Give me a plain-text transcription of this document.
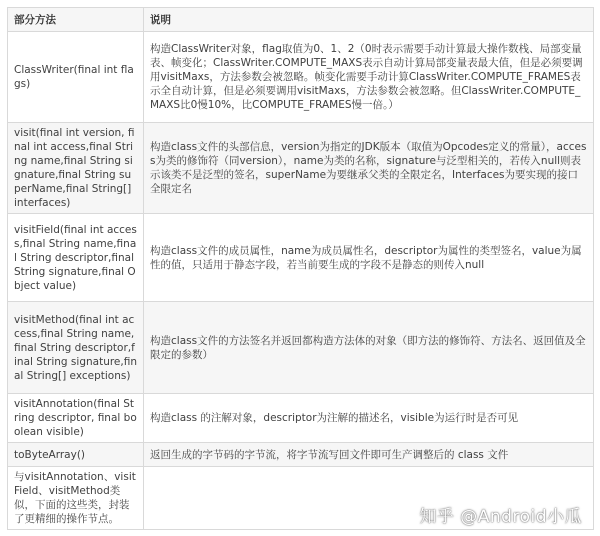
部分方法	说明
ClassWriter(final int flags)	构造ClassWriter对象，flag取值为0、1、2（0时表示需要手动计算最大操作数栈、局部变量表、帧变化；ClassWriter.COMPUTE_MAXS表示自动计算局部变量表最大值，但是必须要调用visitMaxs，方法参数会被忽略。帧变化需要手动计算ClassWriter.COMPUTE_FRAMES表示全自动计算，但是必须要调用visitMaxs，方法参数会被忽略。但ClassWriter.COMPUTE_MAXS比0慢10%，比COMPUTE_FRAMES慢一倍。）
visit(final int version, final int access,final String name,final String signature,final String superName,final String[] interfaces)	构造class文件的头部信息，version为指定的JDK版本（取值为Opcodes定义的常量），access为类的修饰符（同version），name为类的名称，signature与泛型相关的，若传入null则表示该类不是泛型的签名，superName为要继承父类的全限定名，Interfaces为要实现的接口全限定名
visitField(final int access,final String name,final String descriptor,final String signature,final Object value)	构造class文件的成员属性，name为成员属性名，descriptor为属性的类型签名，value为属性的值，只适用于静态字段，若当前要生成的字段不是静态的则传入null
visitMethod(final int access,final String name,final String descriptor,final String signature,final String[] exceptions)	构造class文件的方法签名并返回都构造方法体的对象（即方法的修饰符、方法名、返回值及全限定的参数）
visitAnnotation(final String descriptor, final boolean visible)	构造class 的注解对象，descriptor为注解的描述名，visible为运行时是否可见
toByteArray()	返回生成的字节码的字节流，将字节流写回文件即可生产调整后的 class 文件
与visitAnnotation、visitField、visitMethod类似，下面的这些类，封装了更精细的操作节点。		知乎 @Android小瓜
